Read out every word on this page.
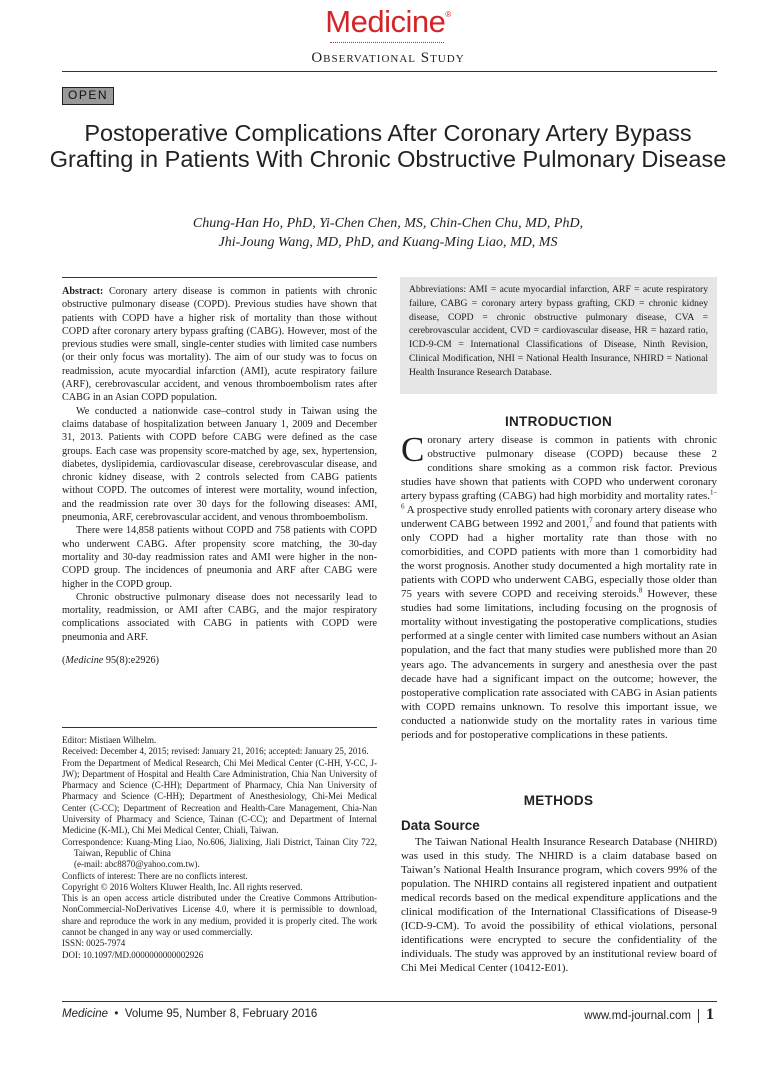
Medicine®
Observational Study
OPEN
Postoperative Complications After Coronary Artery Bypass Grafting in Patients With Chronic Obstructive Pulmonary Disease
Chung-Han Ho, PhD, Yi-Chen Chen, MS, Chin-Chen Chu, MD, PhD,
Jhi-Joung Wang, MD, PhD, and Kuang-Ming Liao, MD, MS

Abstract: Coronary artery disease is common in patients with chronic obstructive pulmonary disease (COPD). Previous studies have shown that patients with COPD have a higher risk of mortality than those without COPD after coronary artery bypass grafting (CABG). However, most of the previous studies were small, single-center studies with limited case numbers (or their only focus was mortality). The aim of our study was to focus on readmission, acute myocardial infarction (AMI), acute respiratory failure (ARF), cerebrovascular accident, and venous thromboembolism rates after CABG in an Asian COPD population.

We conducted a nationwide case–control study in Taiwan using the claims database of hospitalization between January 1, 2009 and December 31, 2013. Patients with COPD before CABG were defined as the case groups. Each case was propensity score-matched by age, sex, hypertension, diabetes, dyslipidemia, cardiovascular disease, cerebrovascular disease, and chronic kidney disease, with 2 controls selected from CABG patients without COPD. The outcomes of interest were mortality, wound infection, and the readmission rate over 30 days for the following diseases: AMI, pneumonia, ARF, cerebrovascular accident, and venous thromboembolism.

There were 14,858 patients without COPD and 758 patients with COPD who underwent CABG. After propensity score matching, the 30-day mortality and 30-day readmission rates and AMI were higher in the non-COPD group. The incidences of pneumonia and ARF after CABG were higher in the COPD group.

Chronic obstructive pulmonary disease does not necessarily lead to mortality, readmission, or AMI after CABG, and the major respiratory complications associated with CABG in patients with COPD were pneumonia and ARF.

(Medicine 95(8):e2926)

Editor: Mistiaen Wilhelm.

Received: December 4, 2015; revised: January 21, 2016; accepted: January 25, 2016.

From the Department of Medical Research, Chi Mei Medical Center (C-HH, Y-CC, J-JW); Department of Hospital and Health Care Administration, Chia Nan University of Pharmacy and Science (C-HH); Department of Pharmacy, Chia Nan University of Pharmacy and Science (C-HH); Department of Anesthesiology, Chi-Mei Medical Center (C-CC); Department of Recreation and Health-Care Management, Chia-Nan University of Pharmacy and Science, Tainan (C-CC); and Department of Internal Medicine (K-ML), Chi Mei Medical Center, Chiali, Taiwan.

Correspondence: Kuang-Ming Liao, No.606, Jialixing, Jiali District, Tainan City 722, Taiwan, Republic of China

(e-mail: abc8870@yahoo.com.tw).

Conflicts of interest: There are no conflicts interest.

Copyright © 2016 Wolters Kluwer Health, Inc. All rights reserved.

This is an open access article distributed under the Creative Commons Attribution-NonCommercial-NoDerivatives License 4.0, where it is permissible to download, share and reproduce the work in any medium, provided it is properly cited. The work cannot be changed in any way or used commercially.

ISSN: 0025-7974

DOI: 10.1097/MD.0000000000002926

Abbreviations: AMI = acute myocardial infarction, ARF = acute respiratory failure, CABG = coronary artery bypass grafting, CKD = chronic kidney disease, COPD = chronic obstructive pulmonary disease, CVA = cerebrovascular accident, CVD = cardiovascular disease, HR = hazard ratio, ICD-9-CM = International Classifications of Disease, Ninth Revision, Clinical Modification, NHI = National Health Insurance, NHIRD = National Health Insurance Research Database.
INTRODUCTION

Coronary artery disease is common in patients with chronic obstructive pulmonary disease (COPD) because these 2 conditions share smoking as a common risk factor. Previous studies have shown that patients with COPD who underwent coronary artery bypass grafting (CABG) had high morbidity and mortality rates.$^{1-6}$ A prospective study enrolled patients with coronary artery disease who underwent CABG between 1992 and 2001,$^7$ and found that patients with only COPD had a higher mortality rate than those with no comorbidities, and COPD patients with more than 1 comorbidity had the worst prognosis. Another study documented a high mortality rate in patients with COPD who underwent CABG, especially those older than 75 years with severe COPD and receiving steroids.$^8$ However, these studies had some limitations, including focusing on the prognosis of mortality without investigating the postoperative complications, studies performed at a single center with limited case numbers without an Asian population, and the fact that many studies were published more than 20 years ago. The advancements in surgery and anesthesia over the past decade have had a significant impact on the outcome; however, the postoperative complication rate associated with CABG in Asian patients with COPD remains unknown. To resolve this important issue, we conducted a nationwide study on the mortality rates in various time periods and for postoperative complications in these patients.

METHODS
Data Source

The Taiwan National Health Insurance Research Database (NHIRD) was used in this study. The NHIRD is a claim database based on Taiwan’s National Health Insurance program, which covers 99% of the population. The NHIRD contains all registered inpatient and outpatient medical records based on the medical expenditure applications and the clinical modification of the International Classifications of Disease-9 (ICD-9-CM). To avoid the possibility of ethical violations, personal identifications were encrypted to secure the confidentiality of the individuals. The study was approved by an institutional review board of Chi Mei Medical Center (10412-E01).

Medicine  •  Volume 95, Number 8, February 2016	www.md-journal.com 1
